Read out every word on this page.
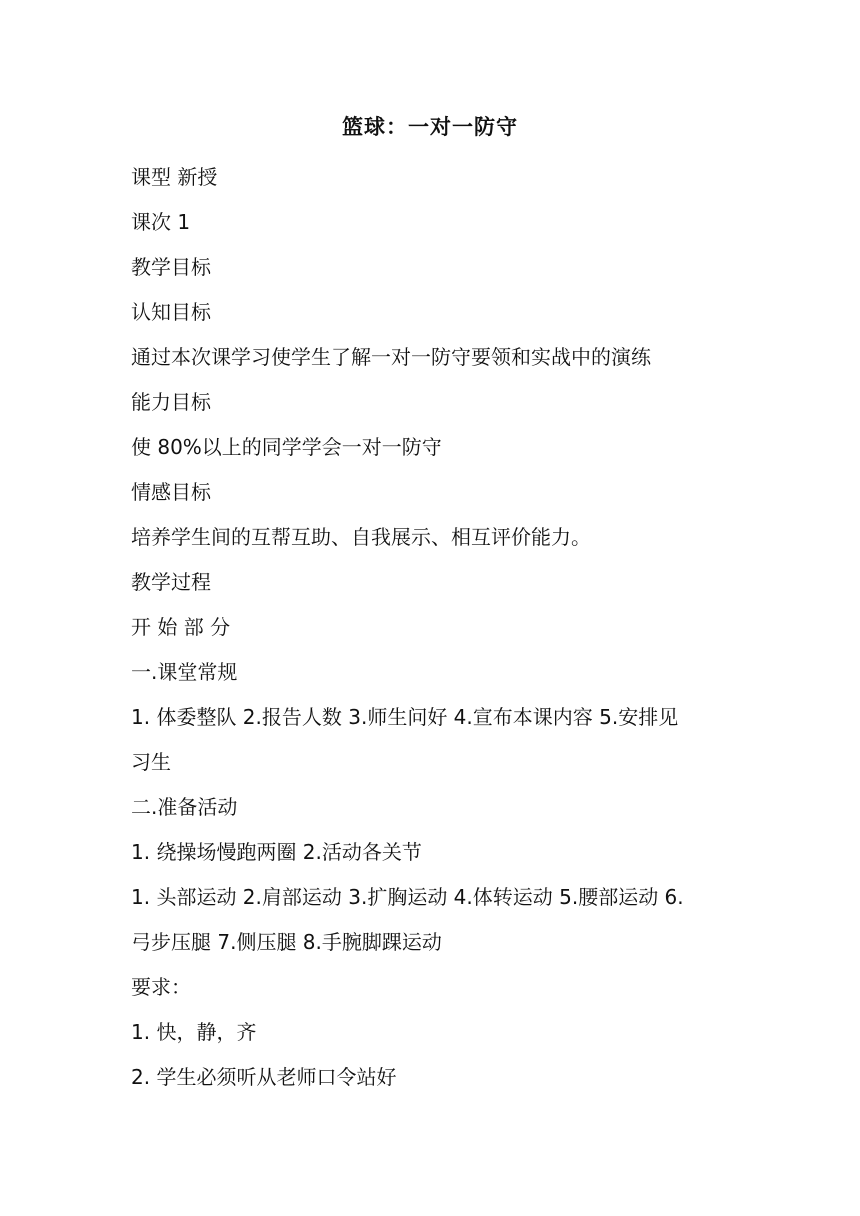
篮球：一对一防守
课型 新授
课次 1
教学目标
认知目标
通过本次课学习使学生了解一对一防守要领和实战中的演练
能力目标
使 80%以上的同学学会一对一防守
情感目标
培养学生间的互帮互助、自我展示、相互评价能力。
教学过程
开 始 部 分
一.课堂常规
1. 体委整队 2.报告人数 3.师生问好 4.宣布本课内容 5.安排见
习生
二.准备活动
1. 绕操场慢跑两圈 2.活动各关节
1. 头部运动 2.肩部运动 3.扩胸运动 4.体转运动 5.腰部运动 6.
弓步压腿 7.侧压腿 8.手腕脚踝运动
要求：
1. 快，静，齐
2. 学生必须听从老师口令站好
